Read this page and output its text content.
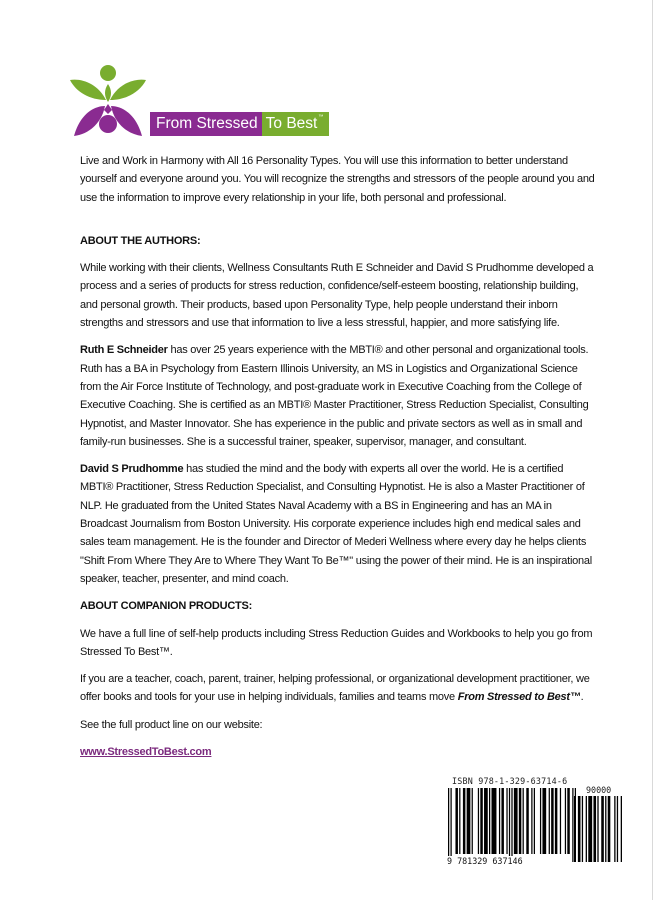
From Stressed To Best™

Live and Work in Harmony with All 16 Personality Types. You will use this information to better understand yourself and everyone around you. You will recognize the strengths and stressors of the people around you and use the information to improve every relationship in your life, both personal and professional.

ABOUT THE AUTHORS:

While working with their clients, Wellness Consultants Ruth E Schneider and David S Prudhomme developed a process and a series of products for stress reduction, confidence/self-esteem boosting, relationship building, and personal growth. Their products, based upon Personality Type, help people understand their inborn strengths and stressors and use that information to live a less stressful, happier, and more satisfying life.

Ruth E Schneider has over 25 years experience with the MBTI® and other personal and organizational tools. Ruth has a BA in Psychology from Eastern Illinois University, an MS in Logistics and Organizational Science from the Air Force Institute of Technology, and post-graduate work in Executive Coaching from the College of Executive Coaching. She is certified as an MBTI® Master Practitioner, Stress Reduction Specialist, Consulting Hypnotist, and Master Innovator. She has experience in the public and private sectors as well as in small and family-run businesses. She is a successful trainer, speaker, supervisor, manager, and consultant.

David S Prudhomme has studied the mind and the body with experts all over the world. He is a certified MBTI® Practitioner, Stress Reduction Specialist, and Consulting Hypnotist. He is also a Master Practitioner of NLP. He graduated from the United States Naval Academy with a BS in Engineering and has an MA in Broadcast Journalism from Boston University. His corporate experience includes high end medical sales and sales team management. He is the founder and Director of Mederi Wellness where every day he helps clients "Shift From Where They Are to Where They Want To Be™" using the power of their mind. He is an inspirational speaker, teacher, presenter, and mind coach.

ABOUT COMPANION PRODUCTS:

We have a full line of self-help products including Stress Reduction Guides and Workbooks to help you go from Stressed To Best™.

If you are a teacher, coach, parent, trainer, helping professional, or organizational development practitioner, we offer books and tools for your use in helping individuals, families and teams move From Stressed to Best™.

See the full product line on our website:

www.StressedToBest.com

ISBN 978-1-329-63714-6
90000
9 781329 637146
